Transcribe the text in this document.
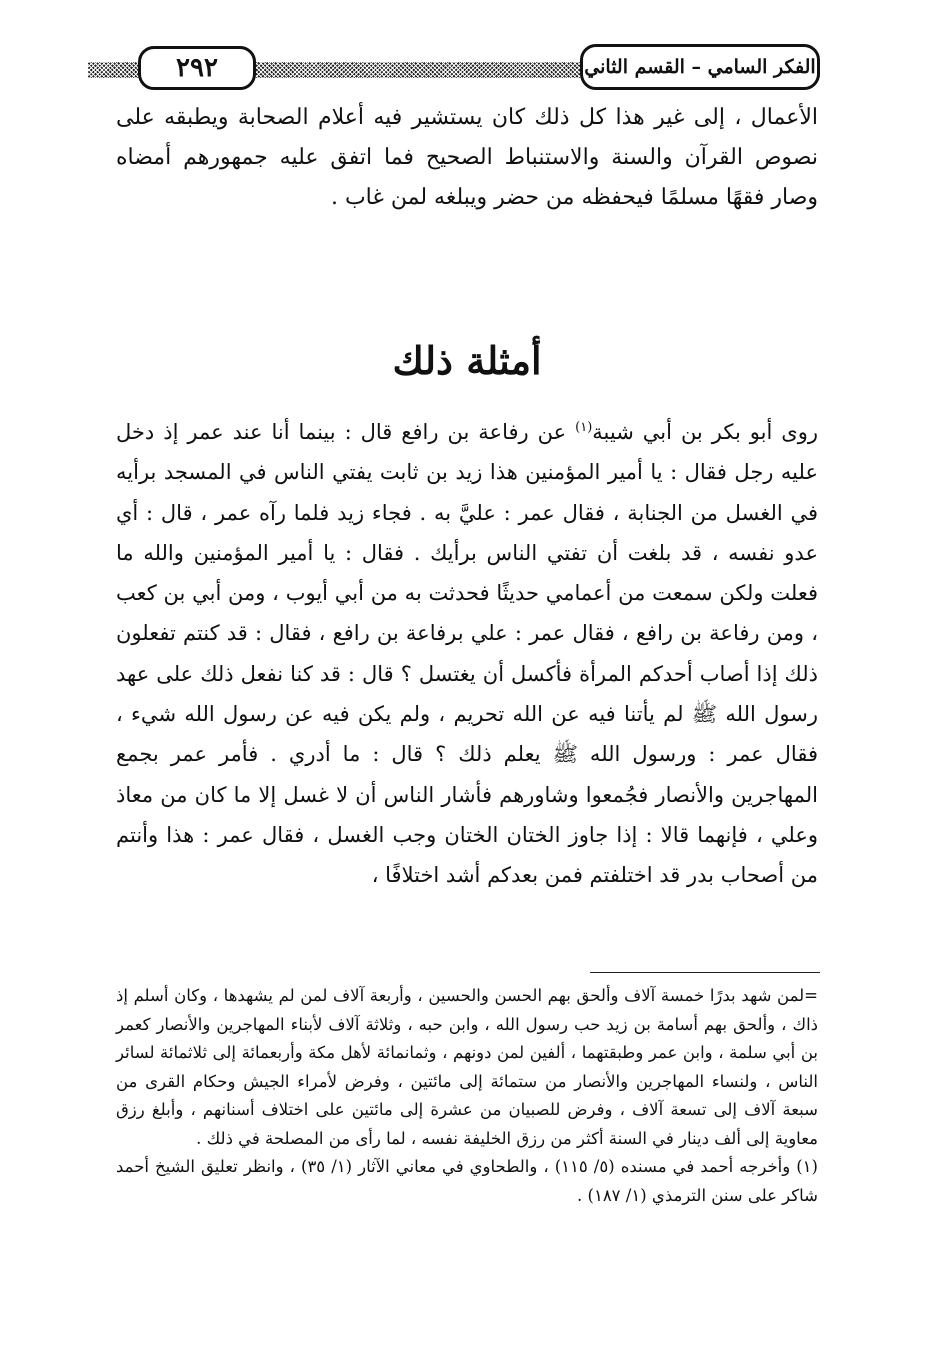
٢٩٢	الفكر السامي – القسم الثاني

الأعمال ، إلى غير هذا كل ذلك كان يستشير فيه أعلام الصحابة ويطبقه على نصوص القرآن والسنة والاستنباط الصحيح فما اتفق عليه جمهورهم أمضاه وصار فقهًا مسلمًا فيحفظه من حضر ويبلغه لمن غاب .

أمثلة ذلك

روى أبو بكر بن أبي شيبة$^{(١)}$ عن رفاعة بن رافع قال : بينما أنا عند عمر إذ دخل عليه رجل فقال : يا أمير المؤمنين هذا زيد بن ثابت يفتي الناس في المسجد برأيه في الغسل من الجنابة ، فقال عمر : عليَّ به . فجاء زيد فلما رآه عمر ، قال : أي عدو نفسه ، قد بلغت أن تفتي الناس برأيك . فقال : يا أمير المؤمنين والله ما فعلت ولكن سمعت من أعمامي حديثًا فحدثت به من أبي أيوب ، ومن أبي بن كعب ، ومن رفاعة بن رافع ، فقال عمر : علي برفاعة بن رافع ، فقال : قد كنتم تفعلون ذلك إذا أصاب أحدكم المرأة فأكسل أن يغتسل ؟ قال : قد كنا نفعل ذلك على عهد رسول الله ﷺ لم يأتنا فيه عن الله تحريم ، ولم يكن فيه عن رسول الله شيء ، فقال عمر : ورسول الله ﷺ يعلم ذلك ؟ قال : ما أدري . فأمر عمر بجمع المهاجرين والأنصار فجُمعوا وشاورهم فأشار الناس أن لا غسل إلا ما كان من معاذ وعلي ، فإنهما قالا : إذا جاوز الختان الختان وجب الغسل ، فقال عمر : هذا وأنتم من أصحاب بدر قد اختلفتم فمن بعدكم أشد اختلافًا ،

=لمن شهد بدرًا خمسة آلاف وألحق بهم الحسن والحسين ، وأربعة آلاف لمن لم يشهدها ، وكان أسلم إذ ذاك ، وألحق بهم أسامة بن زيد حب رسول الله ، وابن حبه ، وثلاثة آلاف لأبناء المهاجرين والأنصار كعمر بن أبي سلمة ، وابن عمر وطبقتهما ، ألفين لمن دونهم ، وثمانمائة لأهل مكة وأربعمائة إلى ثلاثمائة لسائر الناس ، ولنساء المهاجرين والأنصار من ستمائة إلى مائتين ، وفرض لأمراء الجيش وحكام القرى من سبعة آلاف إلى تسعة آلاف ، وفرض للصبيان من عشرة إلى مائتين على اختلاف أسنانهم ، وأبلغ رزق معاوية إلى ألف دينار في السنة أكثر من رزق الخليفة نفسه ، لما رأى من المصلحة في ذلك .

(١) وأخرجه أحمد في مسنده (٥/ ١١٥) ، والطحاوي في معاني الآثار (١/ ٣٥) ، وانظر تعليق الشيخ أحمد شاكر على سنن الترمذي (١/ ١٨٧) .
